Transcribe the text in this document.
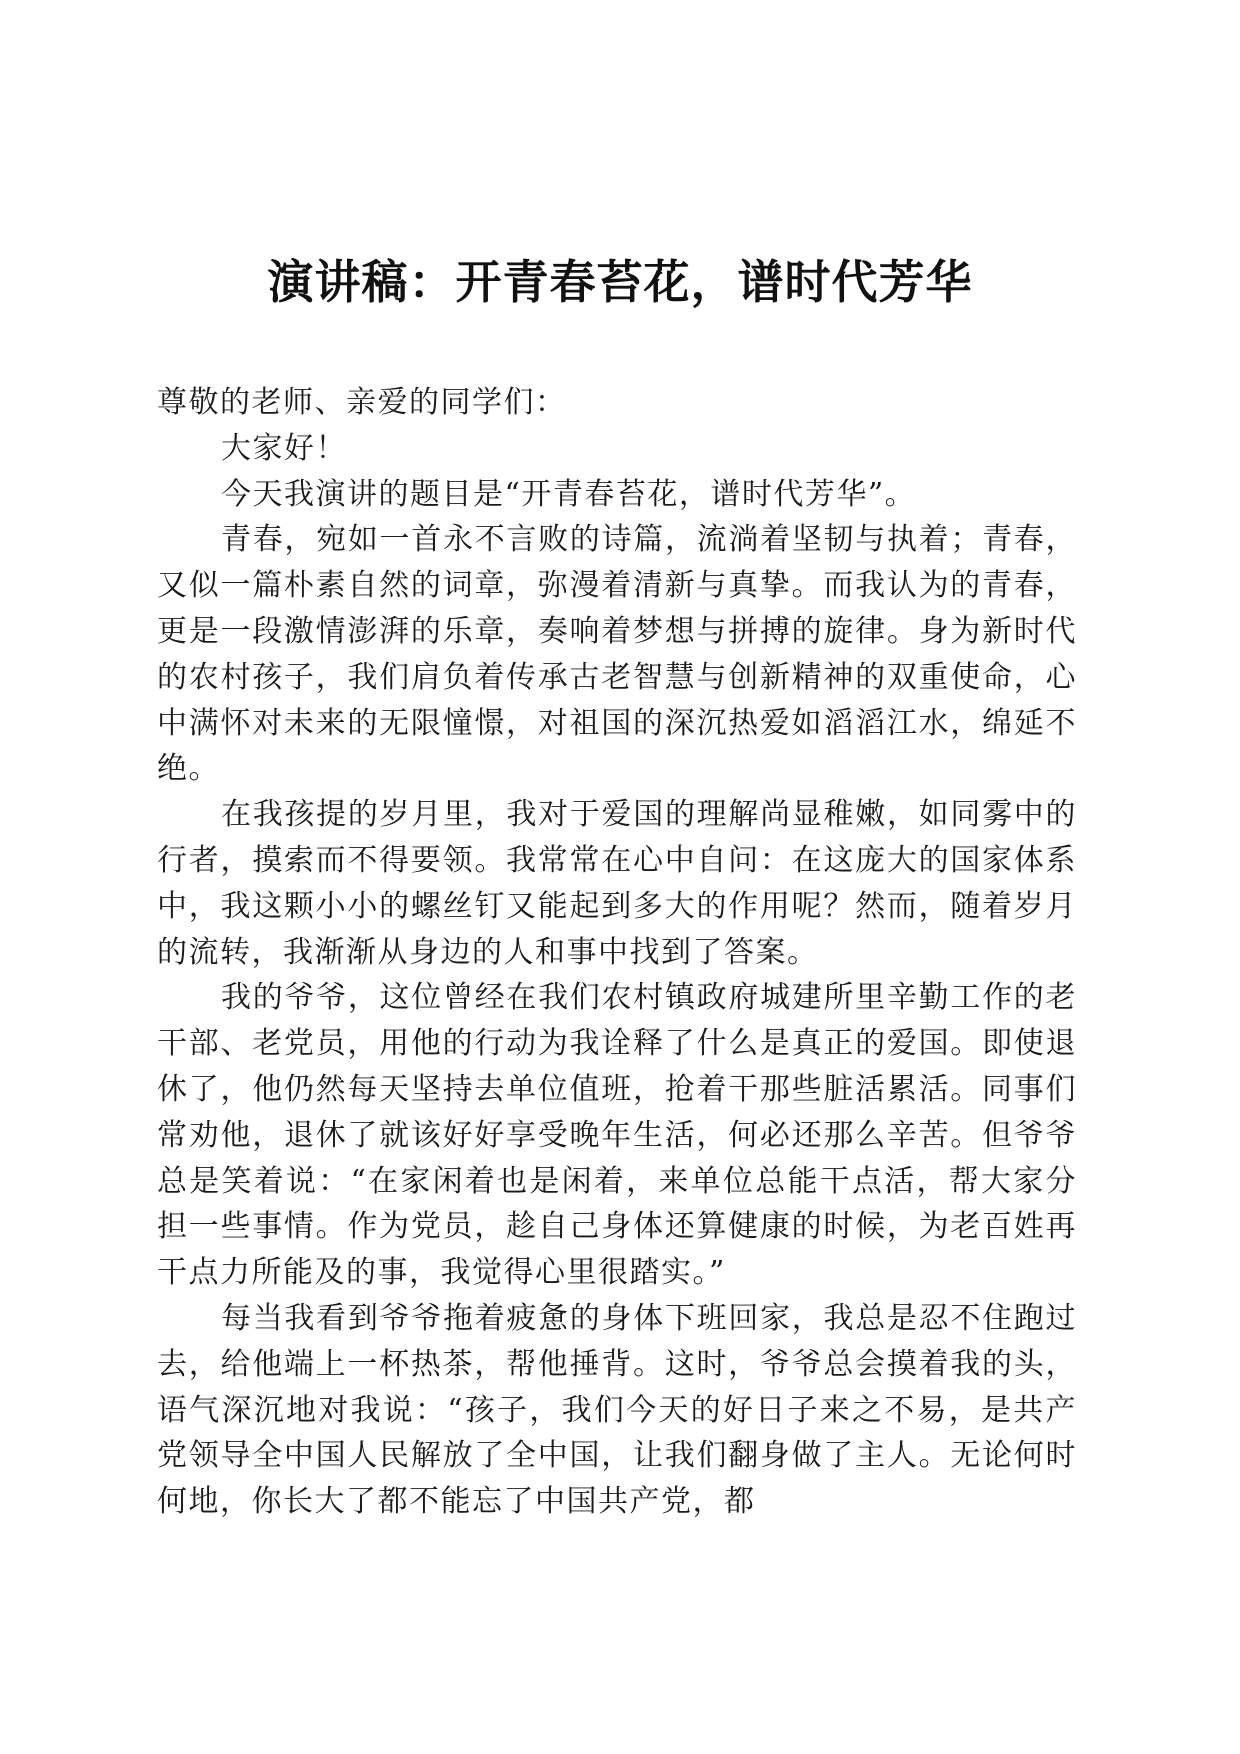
演讲稿：开青春苔花，谱时代芳华

尊敬的老师、亲爱的同学们：

大家好！

今天我演讲的题目是“开青春苔花，谱时代芳华”。

青春，宛如一首永不言败的诗篇，流淌着坚韧与执着；青春，又似一篇朴素自然的词章，弥漫着清新与真挚。而我认为的青春，更是一段激情澎湃的乐章，奏响着梦想与拼搏的旋律。身为新时代的农村孩子，我们肩负着传承古老智慧与创新精神的双重使命，心中满怀对未来的无限憧憬，对祖国的深沉热爱如滔滔江水，绵延不绝。

在我孩提的岁月里，我对于爱国的理解尚显稚嫩，如同雾中的行者，摸索而不得要领。我常常在心中自问：在这庞大的国家体系中，我这颗小小的螺丝钉又能起到多大的作用呢？然而，随着岁月的流转，我渐渐从身边的人和事中找到了答案。

我的爷爷，这位曾经在我们农村镇政府城建所里辛勤工作的老干部、老党员，用他的行动为我诠释了什么是真正的爱国。即使退休了，他仍然每天坚持去单位值班，抢着干那些脏活累活。同事们常劝他，退休了就该好好享受晚年生活，何必还那么辛苦。但爷爷总是笑着说：“在家闲着也是闲着，来单位总能干点活，帮大家分担一些事情。作为党员，趁自己身体还算健康的时候，为老百姓再干点力所能及的事，我觉得心里很踏实。”

每当我看到爷爷拖着疲惫的身体下班回家，我总是忍不住跑过去，给他端上一杯热茶，帮他捶背。这时，爷爷总会摸着我的头，语气深沉地对我说：“孩子，我们今天的好日子来之不易，是共产党领导全中国人民解放了全中国，让我们翻身做了主人。无论何时何地，你长大了都不能忘了中国共产党，都
